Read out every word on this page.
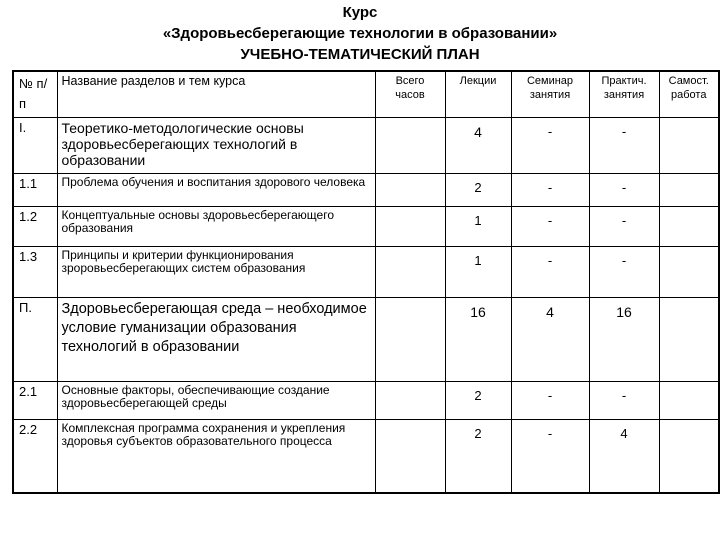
Курс
«Здоровьесберегающие технологии в образовании»
УЧЕБНО-ТЕМАТИЧЕСКИЙ ПЛАН
№ п/п	Название разделов и тем курса	Всего часов	Лекции	Семинар занятия	Практич. занятия	Самост. работа
I.	Теоретико-методологические основы здоровьесберегающих технологий в образовании		4	-	-	
1.1	Проблема обучения и воспитания здорового человека		2	-	-	
1.2	Концептуальные основы здоровьесберегающего образования		1	-	-	
1.3	Принципы и критерии функционирования зроровьесберегающих систем образования		1	-	-	
П.	Здоровьесберегающая среда – необходимое условие гуманизации образования технологий в образовании		16	4	16	
2.1	Основные факторы, обеспечивающие создание здоровьесберегающей среды		2	-	-	
2.2	Комплексная программа сохранения и укрепления здоровья субъектов образовательного процесса		2	-	4	
